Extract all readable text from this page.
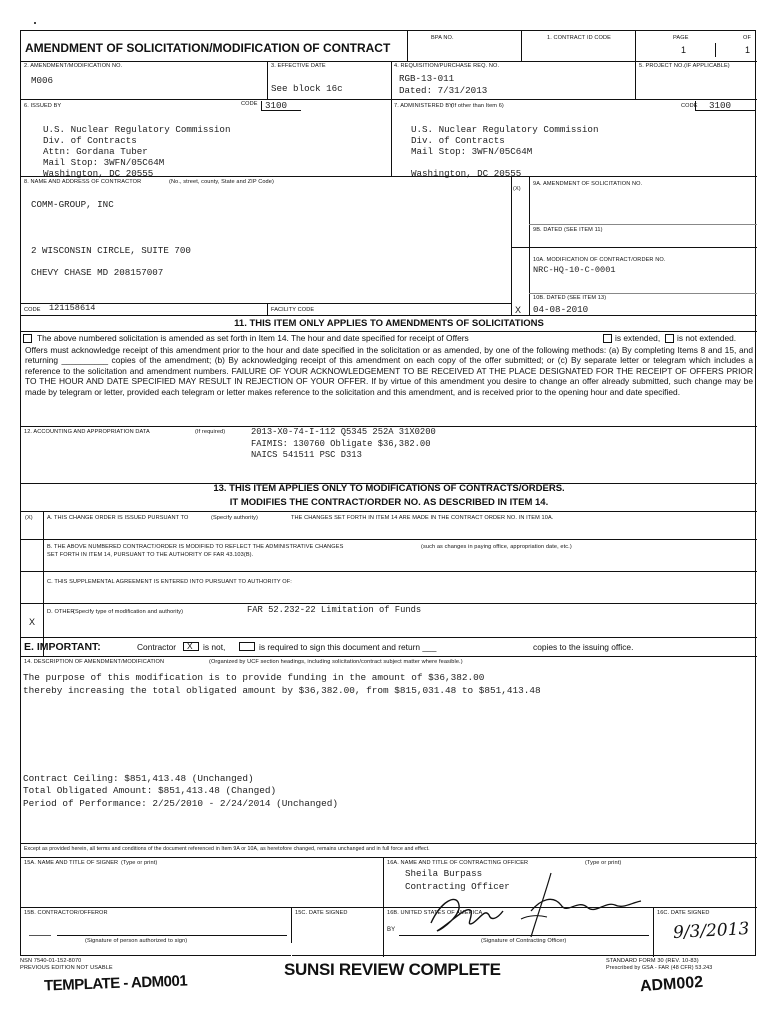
AMENDMENT OF SOLICITATION/MODIFICATION OF CONTRACT
BPA NO.	1. CONTRACT ID CODE	PAGE	OF
1	1
2. AMENDMENT/MODIFICATION NO.
M006
3. EFFECTIVE DATE
See block 16c
4. REQUISITION/PURCHASE REQ. NO.
RGB-13-011
Dated: 7/31/2013
5. PROJECT NO.(IF APPLICABLE)
6. ISSUED BY	CODE 3100
U.S. Nuclear Regulatory Commission
Div. of Contracts
Attn: Gordana Tuber
Mail Stop: 3WFN/05C64M
Washington, DC 20555
7. ADMINISTERED BY
(If other than Item 6)	CODE 3100
U.S. Nuclear Regulatory Commission
Div. of Contracts
Mail Stop: 3WFN/05C64M

Washington, DC 20555
8. NAME AND ADDRESS OF CONTRACTOR	(No., street, county, State and ZIP Code)
COMM-GROUP, INC

2 WISCONSIN CIRCLE, SUITE 700

CHEVY CHASE MD 208157007
(X)
9A. AMENDMENT OF SOLICITATION NO.
9B. DATED (SEE ITEM 11)
10A. MODIFICATION OF CONTRACT/ORDER NO.
NRC-HQ-10-C-0001
10B. DATED (SEE ITEM 13)
X 04-08-2010
CODE 121158614	FACILITY CODE
11. THIS ITEM ONLY APPLIES TO AMENDMENTS OF SOLICITATIONS
The above numbered solicitation is amended as set forth in Item 14. The hour and date specified for receipt of Offers	is extended, is not extended.
Offers must acknowledge receipt of this amendment prior to the hour and date specified in the solicitation or as amended, by one of the following methods: (a) By completing Items 8 and 15, and returning __________ copies of the amendment; (b) By acknowledging receipt of this amendment on each copy of the offer submitted; or (c) By separate letter or telegram which includes a reference to the solicitation and amendment numbers. FAILURE OF YOUR ACKNOWLEDGEMENT TO BE RECEIVED AT THE PLACE DESIGNATED FOR THE RECEIPT OF OFFERS PRIOR TO THE HOUR AND DATE SPECIFIED MAY RESULT IN REJECTION OF YOUR OFFER. If by virtue of this amendment you desire to change an offer already submitted, such change may be made by telegram or letter, provided each telegram or letter makes reference to the solicitation and this amendment, and is received prior to the opening hour and date specified.
12. ACCOUNTING AND APPROPRIATION DATA	(If required)	2013-X0-74-I-112 Q5345 252A 31X0200
FAIMIS: 130760 Obligate $36,382.00
NAICS 541511 PSC D313
13. THIS ITEM APPLIES ONLY TO MODIFICATIONS OF CONTRACTS/ORDERS.
IT MODIFIES THE CONTRACT/ORDER NO. AS DESCRIBED IN ITEM 14.
(X)	A. THIS CHANGE ORDER IS ISSUED PURSUANT TO	(Specify authority)	THE CHANGES SET FORTH IN ITEM 14 ARE MADE IN THE CONTRACT ORDER NO. IN ITEM 10A.
B. THE ABOVE NUMBERED CONTRACT/ORDER IS MODIFIED TO REFLECT THE ADMINISTRATIVE CHANGES	(such as changes in paying office, appropriation date, etc.)
SET FORTH IN ITEM 14, PURSUANT TO THE AUTHORITY OF FAR 43.103(B).
C. THIS SUPPLEMENTAL AGREEMENT IS ENTERED INTO PURSUANT TO AUTHORITY OF:
D. OTHER
(Specify type of modification and authority)	FAR 52.232-22 Limitation of Funds
X
E. IMPORTANT:	Contractor X is not,	is required to sign this document and return ___	copies to the issuing office.
14. DESCRIPTION OF AMENDMENT/MODIFICATION	(Organized by UCF section headings, including solicitation/contract subject matter where feasible.)
The purpose of this modification is to provide funding in the amount of $36,382.00
thereby increasing the total obligated amount by $36,382.00, from $815,031.48 to $851,413.48

Contract Ceiling: $851,413.48 (Unchanged)
Total Obligated Amount: $851,413.48 (Changed)
Period of Performance: 2/25/2010 - 2/24/2014 (Unchanged)
Except as provided herein, all terms and conditions of the document referenced in Item 9A or 10A, as heretofore changed, remains unchanged and in full force and effect.
15A. NAME AND TITLE OF SIGNER (Type or print)	16A. NAME AND TITLE OF CONTRACTING OFFICER	(Type or print)
Sheila Burpass
Contracting Officer
15B. CONTRACTOR/OFFEROR	15C. DATE SIGNED
(Signature of person authorized to sign)
16B. UNITED STATES OF AMERICA
BY
(Signature of Contracting Officer)
16C. DATE SIGNED
9/3/2013
NSN 7540-01-152-8070
PREVIOUS EDITION NOT USABLE
TEMPLATE - ADM001
SUNSI REVIEW COMPLETE	STANDARD FORM 30 (REV. 10-83)
Prescribed by GSA - FAR (48 CFR) 53.243
ADM002
